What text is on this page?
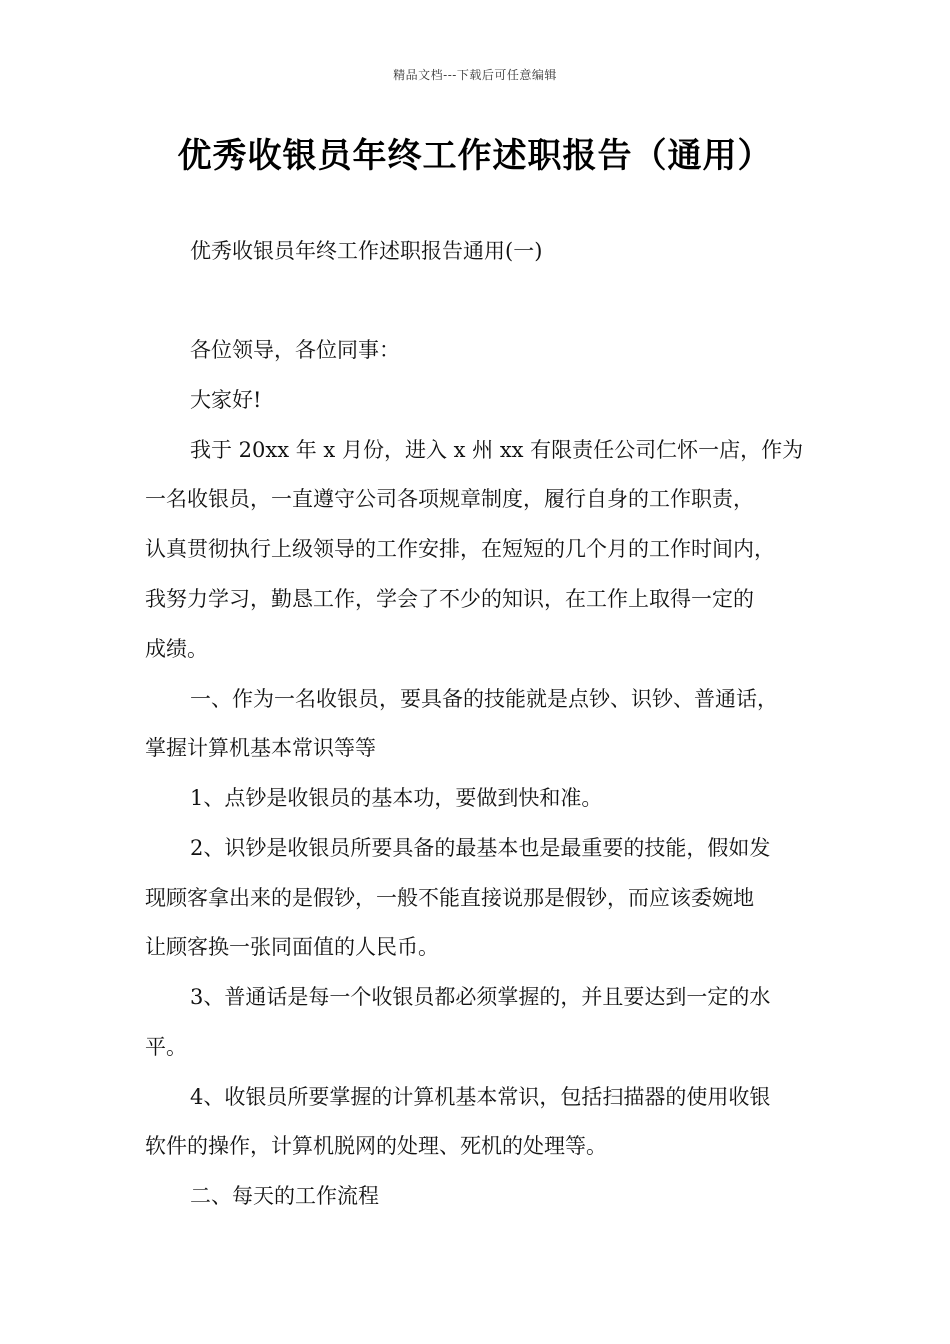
精品文档---下载后可任意编辑
优秀收银员年终工作述职报告（通用）
优秀收银员年终工作述职报告通用(一)
各位领导，各位同事：
大家好!
我于 20xx 年 x 月份，进入 x 州 xx 有限责任公司仁怀一店，作为
一名收银员，一直遵守公司各项规章制度，履行自身的工作职责，
认真贯彻执行上级领导的工作安排，在短短的几个月的工作时间内，
我努力学习，勤恳工作，学会了不少的知识，在工作上取得一定的
成绩。
一、作为一名收银员，要具备的技能就是点钞、识钞、普通话，
掌握计算机基本常识等等
1、点钞是收银员的基本功，要做到快和准。
2、识钞是收银员所要具备的最基本也是最重要的技能，假如发
现顾客拿出来的是假钞，一般不能直接说那是假钞，而应该委婉地
让顾客换一张同面值的人民币。
3、普通话是每一个收银员都必须掌握的，并且要达到一定的水
平。
4、收银员所要掌握的计算机基本常识，包括扫描器的使用收银
软件的操作，计算机脱网的处理、死机的处理等。
二、每天的工作流程
